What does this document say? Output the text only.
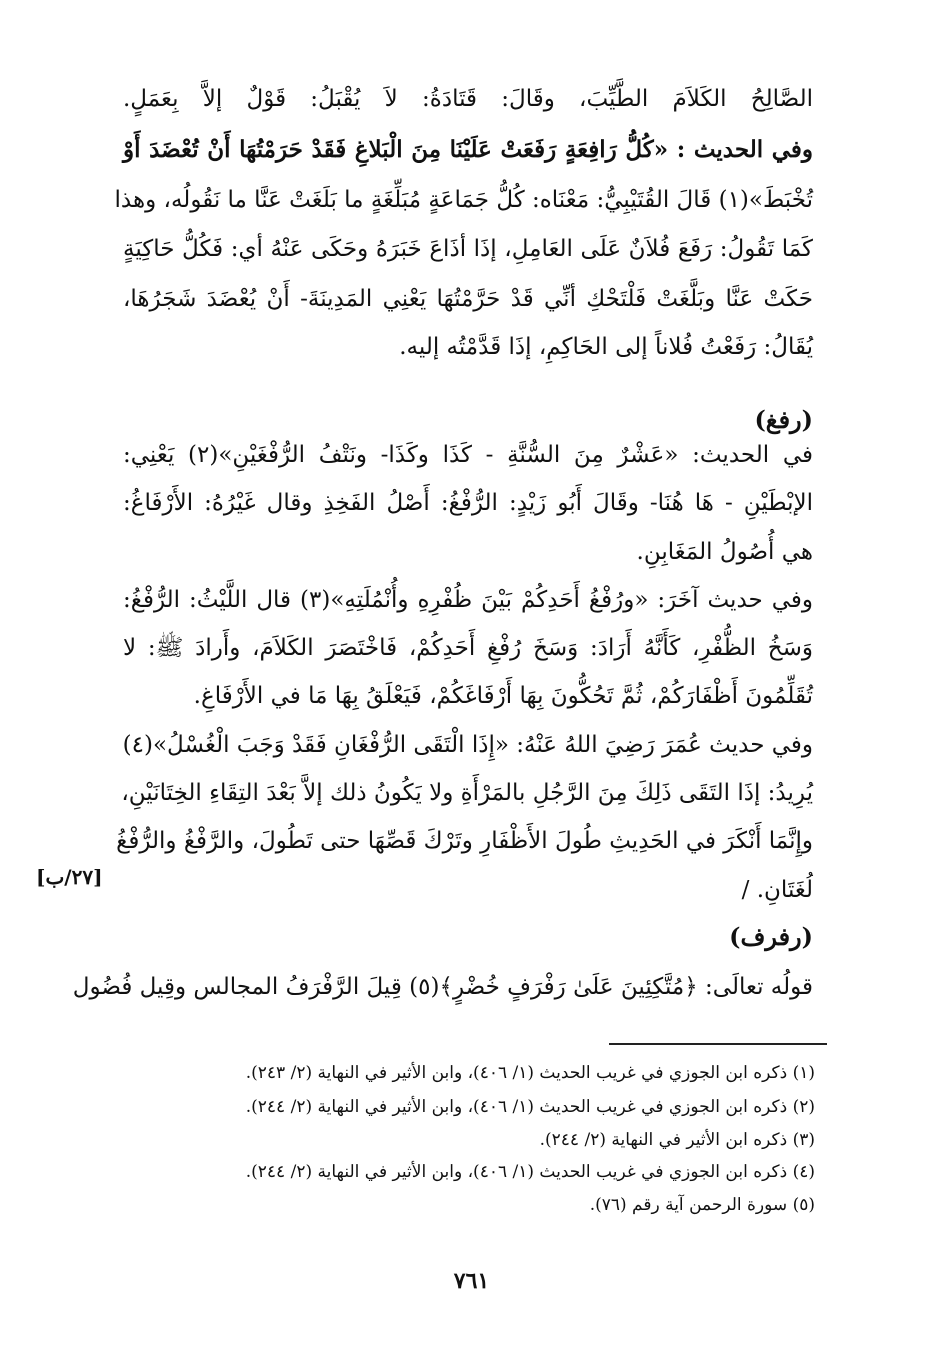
الصَّالِحُ الكَلاَمَ الطَّيِّبَ، وقَالَ: قَتَادَةُ: لاَ يُقْبَلُ: قَوْلٌ إلاَّ بِعَمَلٍ.
وفي الحديث : «كُلُّ رَافِعَةٍ رَفَعَتْ عَلَيْنَا مِنَ الْبَلاغِ فَقَدْ حَرَمْتُهَا أَنْ تُعْضَدَ أَوْ
تُخْبَطَ»(١) قَالَ القُتَيْبِيُّ: مَعْنَاه: كُلُّ جَمَاعَةٍ مُبَلِّغَةٍ ما بَلَغَتْ عَنَّا ما نَقُولُه، وهذا
كَمَا تَقُولُ: رَفَعَ فُلاَنٌ عَلَى العَامِلِ، إذَا أذَاعَ خَبَرَهُ وحَكَى عَنْهُ أي: فَكُلُّ حَاكِيَةٍ
حَكَتْ عَنَّا وبَلَّغَتْ فَلْتَحْكِ أنِّي قَدْ حَرَّمْتُهَا يَعْنِي المَدِينَةَ- أَنْ يُعْضَدَ شَجَرُهَا،
يُقَالُ: رَفَعْتُ فُلاناً إلى الحَاكِمِ، إذَا قَدَّمْتُه إليه.
(رفغ)
في الحديث: «عَشْرٌ مِنَ السُّنَّةِ - كَذَا وكَذَا- ونَتْفُ الرُّفْغَيْنِ»(٢) يَعْنِي:
الإبْطَيْنِ - هَا هُنَا- وقَالَ أَبُو زَيْدٍ: الرُّفْغُ: أَصْلُ الفَخِذِ وقال غَيْرُهُ: الأَرْفَاغُ:
هي أُصُولُ المَغَابِنِ.
وفي حديث آخَرَ: «ورُفْغُ أَحَدِكُمْ بَيْنَ ظُفْرِهِ وأُنْمُلَتِهِ»(٣) قال اللَّيْثُ: الرُّفْغُ:
وَسَخُ الظُّفْرِ، كَأَنَّهُ أَرَادَ: وَسَخَ رُفْغِ أَحَدِكُمْ، فَاخْتَصَرَ الكَلاَمَ، وأَرادَ ﷺ: لا
تُقَلِّمُونَ أَظْفَارَكُمْ، ثُمَّ تَحُكُّونَ بِهَا أَرْفَاغَكُمْ، فَيَعْلَقُ بِهَا مَا في الأَرْفَاغِ.
وفي حديث عُمَرَ رَضِيَ اللهُ عَنْهُ: «إِذَا الْتَقَى الرُّفْغَانِ فَقَدْ وَجَبَ الْغُسْلُ»(٤)
يُرِيدُ: إذَا التَقَى ذَلِكَ مِنَ الرَّجُلِ بالمَرْأَةِ ولا يَكُونُ ذلك إلاَّ بَعْدَ التِقَاءِ الخِتَانَيْنِ،
وإِنَّمَا أَنْكَرَ في الحَدِيثِ طُولَ الأَظْفَارِ وتَرْكَ قَصِّهَا حتى تَطُولَ، والرَّفْغُ والرُّفْغُ
لُغَتَانِ. /
[٢٧/ب]
(رفرف)
قولُه تعالَى: ﴿مُتَّكِئِينَ عَلَىٰ رَفْرَفٍ خُضْرٍ﴾(٥) قِيلَ الرَّفْرَفُ المجالس وقِيل فُضُول
(١) ذكره ابن الجوزي في غريب الحديث (١/ ٤٠٦)، وابن الأثير في النهاية (٢/ ٢٤٣).
(٢) ذكره ابن الجوزي في غريب الحديث (١/ ٤٠٦)، وابن الأثير في النهاية (٢/ ٢٤٤).
(٣) ذكره ابن الأثير في النهاية (٢/ ٢٤٤).
(٤) ذكره ابن الجوزي في غريب الحديث (١/ ٤٠٦)، وابن الأثير في النهاية (٢/ ٢٤٤).
(٥) سورة الرحمن آية رقم (٧٦).
٧٦١
